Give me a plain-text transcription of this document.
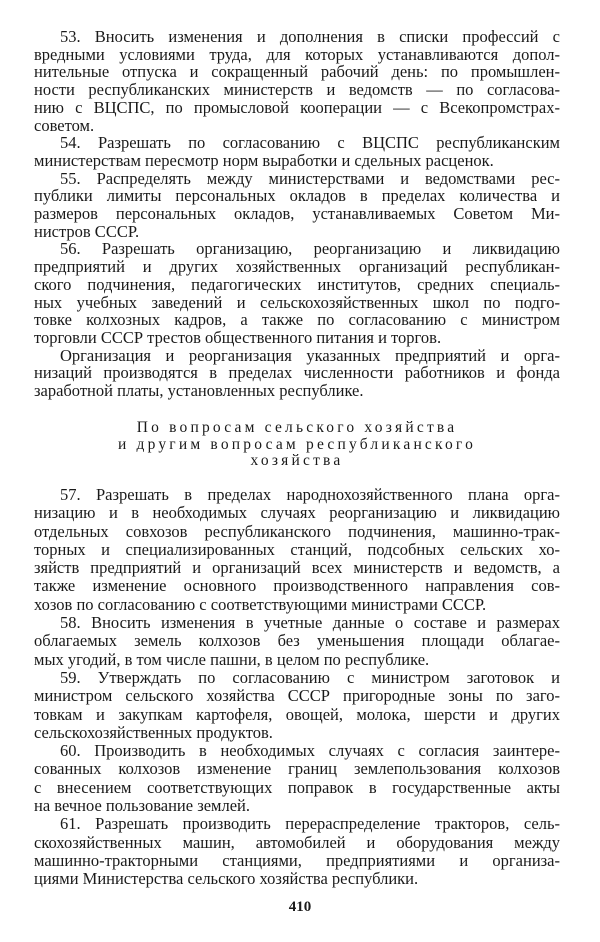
53. Вносить изменения и дополнения в списки профессий с
вредными условиями труда, для которых устанавливаются допол-
нительные отпуска и сокращенный рабочий день: по промышлен-
ности республиканских министерств и ведомств — по согласова-
нию с ВЦСПС, по промысловой кооперации — с Всекопромстрах-
советом.
54. Разрешать по согласованию с ВЦСПС республиканским
министерствам пересмотр норм выработки и сдельных расценок.
55. Распределять между министерствами и ведомствами рес-
публики лимиты персональных окладов в пределах количества и
размеров персональных окладов, устанавливаемых Советом Ми-
нистров СССР.
56. Разрешать организацию, реорганизацию и ликвидацию
предприятий и других хозяйственных организаций республикан-
ского подчинения, педагогических институтов, средних специаль-
ных учебных заведений и сельскохозяйственных школ по подго-
товке колхозных кадров, а также по согласованию с министром
торговли СССР трестов общественного питания и торгов.
Организация и реорганизация указанных предприятий и орга-
низаций производятся в пределах численности работников и фонда
заработной платы, установленных республике.
По вопросам сельского хозяйства
и другим вопросам республиканского
хозяйства
57. Разрешать в пределах народнохозяйственного плана орга-
низацию и в необходимых случаях реорганизацию и ликвидацию
отдельных совхозов республиканского подчинения, машинно-трак-
торных и специализированных станций, подсобных сельских хо-
зяйств предприятий и организаций всех министерств и ведомств, а
также изменение основного производственного направления сов-
хозов по согласованию с соответствующими министрами СССР.
58. Вносить изменения в учетные данные о составе и размерах
облагаемых земель колхозов без уменьшения площади облагае-
мых угодий, в том числе пашни, в целом по республике.
59. Утверждать по согласованию с министром заготовок и
министром сельского хозяйства СССР пригородные зоны по заго-
товкам и закупкам картофеля, овощей, молока, шерсти и других
сельскохозяйственных продуктов.
60. Производить в необходимых случаях с согласия заинтере-
сованных колхозов изменение границ землепользования колхозов
с внесением соответствующих поправок в государственные акты
на вечное пользование землей.
61. Разрешать производить перераспределение тракторов, сель-
скохозяйственных машин, автомобилей и оборудования между
машинно-тракторными станциями, предприятиями и организа-
циями Министерства сельского хозяйства республики.
410
